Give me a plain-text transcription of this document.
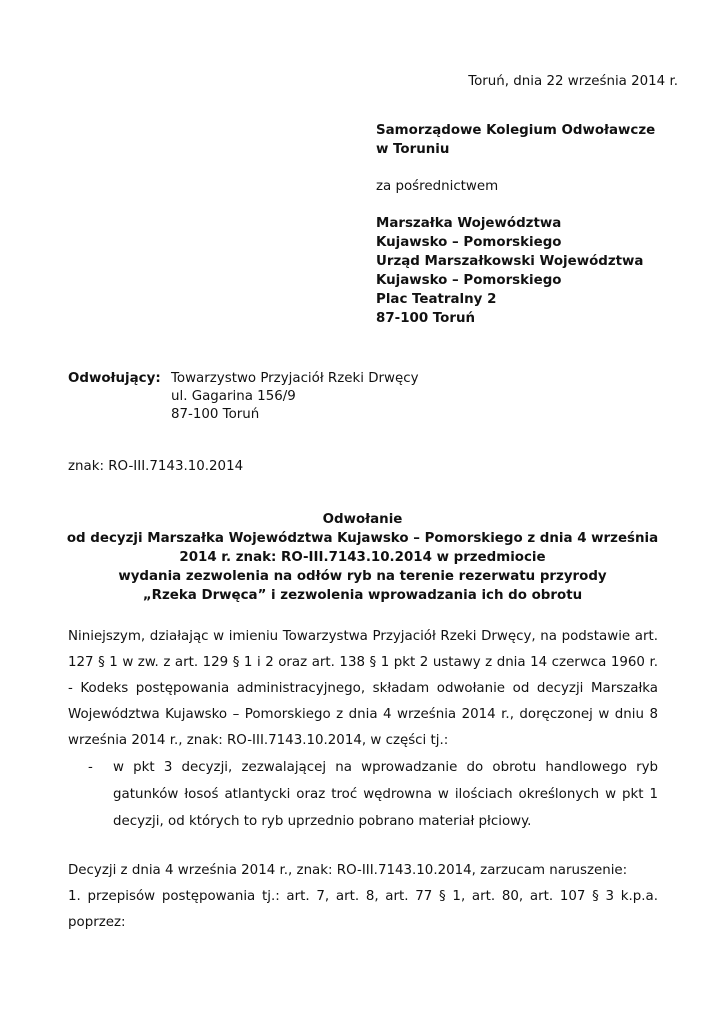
Toruń, dnia 22 września 2014 r.
Samorządowe Kolegium Odwoławcze
w Toruniu
za pośrednictwem
Marszałka Województwa
Kujawsko – Pomorskiego
Urząd Marszałkowski Województwa
Kujawsko – Pomorskiego
Plac Teatralny 2
87-100 Toruń
Odwołujący: Towarzystwo Przyjaciół Rzeki Drwęcy
ul. Gagarina 156/9
87-100 Toruń
znak: RO-III.7143.10.2014
Odwołanie
od decyzji Marszałka Województwa Kujawsko – Pomorskiego z dnia 4 września
2014 r. znak: RO-III.7143.10.2014 w przedmiocie
wydania zezwolenia na odłów ryb na terenie rezerwatu przyrody
„Rzeka Drwęca” i zezwolenia wprowadzania ich do obrotu
Niniejszym, działając w imieniu Towarzystwa Przyjaciół Rzeki Drwęcy, na podstawie art. 127 § 1 w zw. z art. 129 § 1 i 2 oraz art. 138 § 1 pkt 2 ustawy z dnia 14 czerwca 1960 r. - Kodeks postępowania administracyjnego, składam odwołanie od decyzji Marszałka Województwa Kujawsko – Pomorskiego z dnia 4 września 2014 r., doręczonej w dniu 8 września 2014 r., znak: RO-III.7143.10.2014, w części tj.:
- w pkt 3 decyzji, zezwalającej na wprowadzanie do obrotu handlowego ryb gatunków łosoś atlantycki oraz troć wędrowna w ilościach określonych w pkt 1 decyzji, od których to ryb uprzednio pobrano materiał płciowy.
Decyzji z dnia 4 września 2014 r., znak: RO-III.7143.10.2014, zarzucam naruszenie:
1. przepisów postępowania tj.: art. 7, art. 8, art. 77 § 1, art. 80, art. 107 § 3 k.p.a. poprzez:
